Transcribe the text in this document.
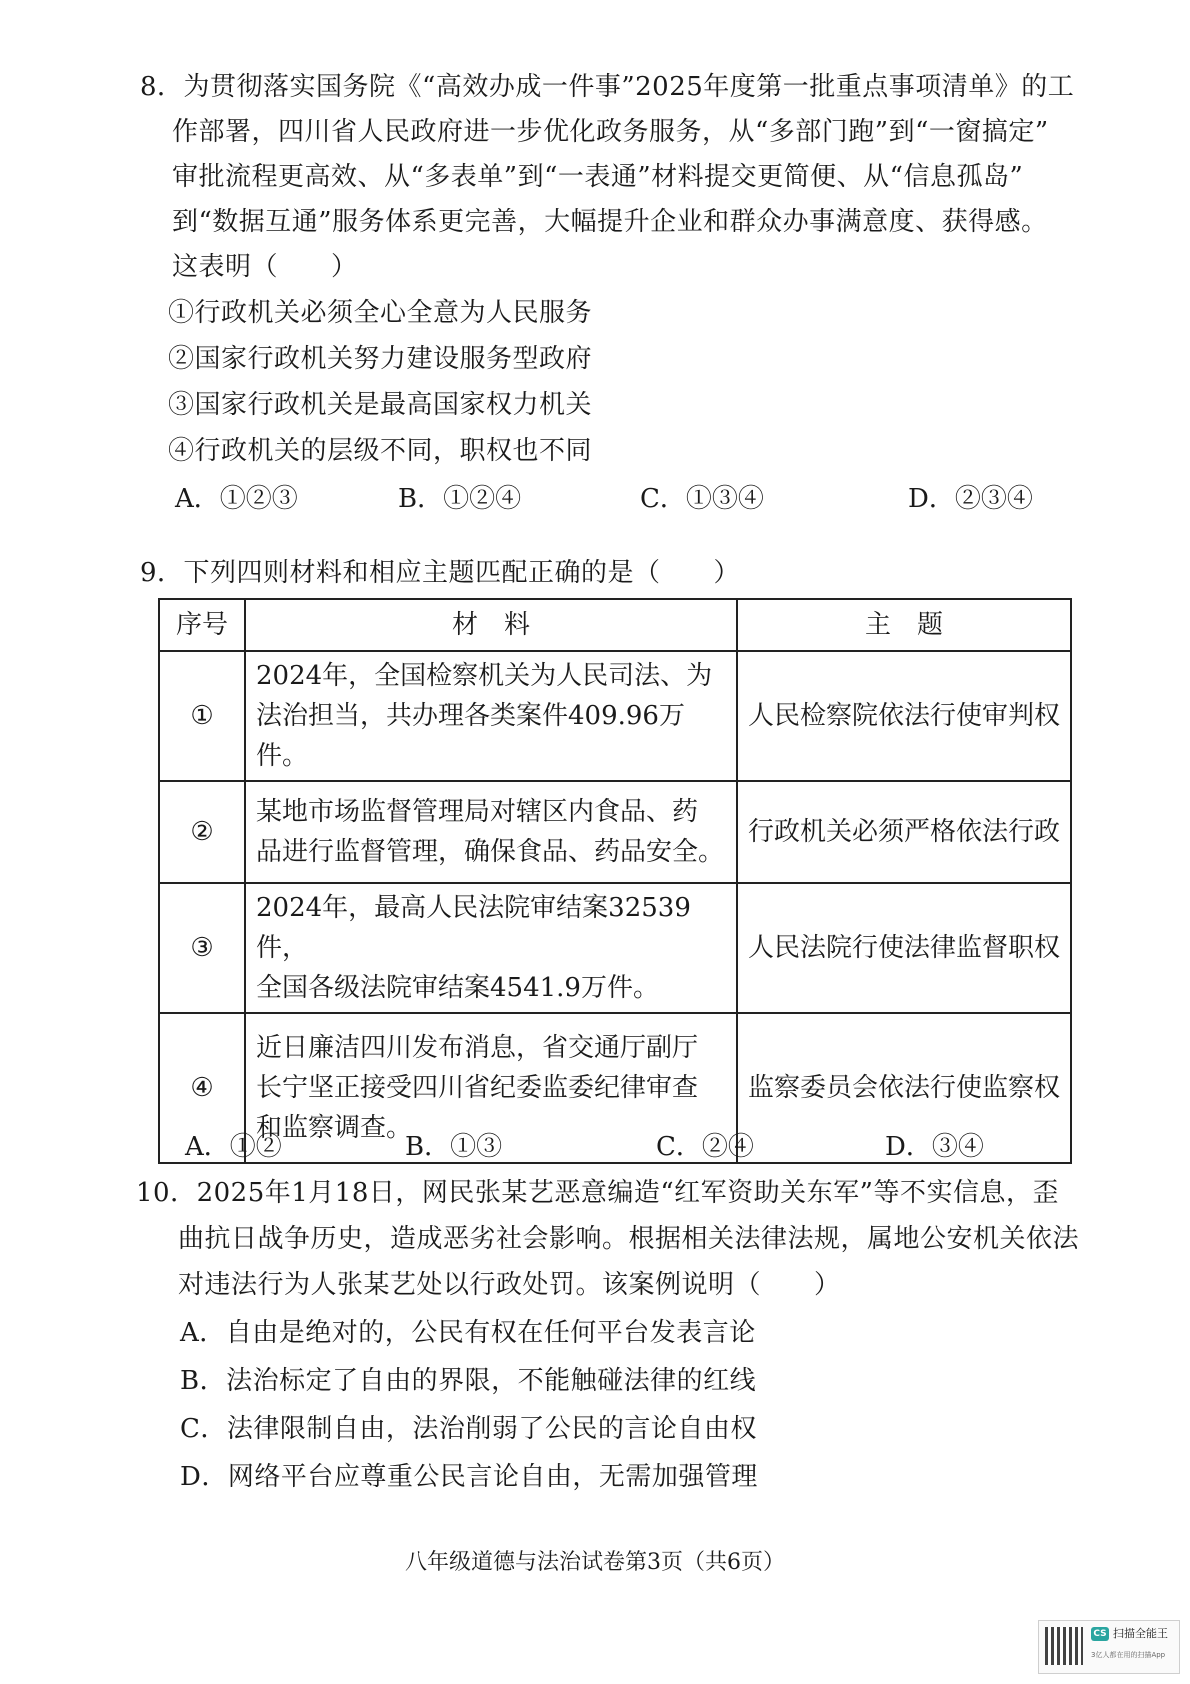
8．为贯彻落实国务院《“高效办成一件事”2025年度第一批重点事项清单》的工
作部署，四川省人民政府进一步优化政务服务，从“多部门跑”到“一窗搞定”
审批流程更高效、从“多表单”到“一表通”材料提交更简便、从“信息孤岛”
到“数据互通”服务体系更完善，大幅提升企业和群众办事满意度、获得感。
这表明（　　）
①行政机关必须全心全意为人民服务
②国家行政机关努力建设服务型政府
③国家行政机关是最高国家权力机关
④行政机关的层级不同，职权也不同
A．①②③	B．①②④	C．①③④	D．②③④
9．下列四则材料和相应主题匹配正确的是（　　）
序号	材　料	主　题
①	2024年，全国检察机关为人民司法、为
法治担当，共办理各类案件409.96万件。	人民检察院依法行使审判权
②	某地市场监督管理局对辖区内食品、药
品进行监督管理，确保食品、药品安全。	行政机关必须严格依法行政
③	2024年，最高人民法院审结案32539件，
全国各级法院审结案4541.9万件。	人民法院行使法律监督职权
④	近日廉洁四川发布消息，省交通厅副厅
长宁坚正接受四川省纪委监委纪律审查
和监察调查。	监察委员会依法行使监察权
A．①②	B．①③	C．②④	D．③④
10．2025年1月18日，网民张某艺恶意编造“红军资助关东军”等不实信息，歪
曲抗日战争历史，造成恶劣社会影响。根据相关法律法规，属地公安机关依法
对违法行为人张某艺处以行政处罚。该案例说明（　　）
A．自由是绝对的，公民有权在任何平台发表言论
B．法治标定了自由的界限，不能触碰法律的红线
C．法律限制自由，法治削弱了公民的言论自由权
D．网络平台应尊重公民言论自由，无需加强管理
八年级道德与法治试卷第3页（共6页）
CS 扫描全能王
3亿人都在用的扫描App
